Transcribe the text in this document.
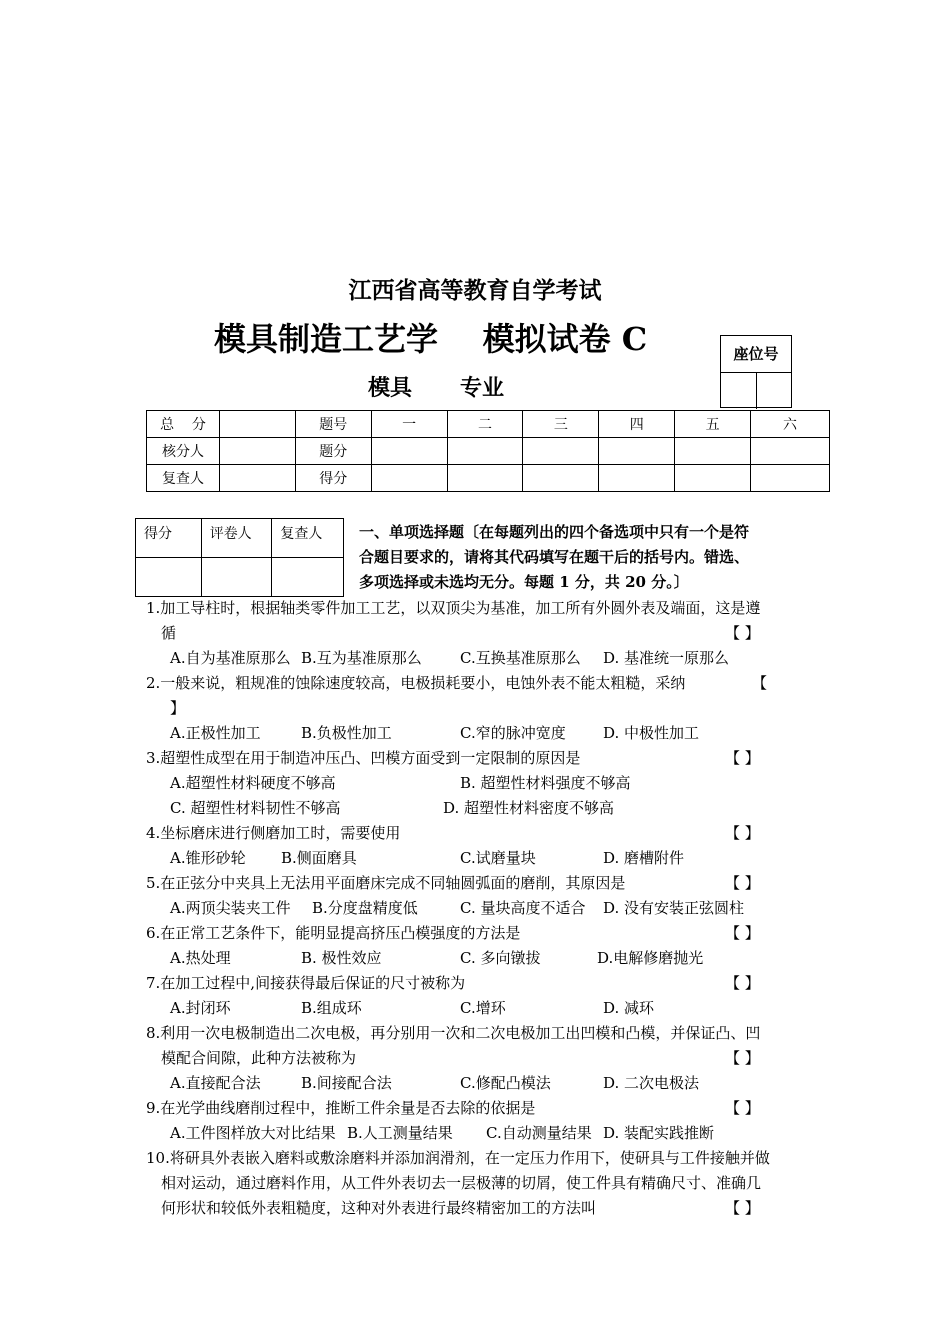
江西省高等教育自学考试
模具制造工艺学    模拟试卷 C
模具 专业
座位号
总    分		题号	一	二	三	四	五	六
核分人		题分						
复查人		得分						
得分	评卷人	复查人
		一、单项选择题〔在每题列出的四个备选项中只有一个是符
合题目要求的，请将其代码填写在题干后的括号内。错选、
多项选择或未选均无分。每题 1 分，共 20 分。〕
1.加工导柱时，根据轴类零件加工工艺，以双顶尖为基准，加工所有外圆外表及端面，这是遵
循	【 】
A.自为基准原那么 B.互为基准原那么	C.互换基准原那么 D. 基准统一原那么
2.一般来说，粗规准的蚀除速度较高，电极损耗要小，电蚀外表不能太粗糙，采纳	【
】
A.正极性加工	B.负极性加工	C.窄的脉冲宽度 D. 中极性加工
3.超塑性成型在用于制造冲压凸、凹模方面受到一定限制的原因是	【 】
A.超塑性材料硬度不够高	B. 超塑性材料强度不够高
C. 超塑性材料韧性不够高	D. 超塑性材料密度不够高
4.坐标磨床进行侧磨加工时，需要使用	【 】
A.锥形砂轮 B.侧面磨具	C.试磨量块	D. 磨槽附件
5.在正弦分中夹具上无法用平面磨床完成不同轴圆弧面的磨削，其原因是	【 】
A.两顶尖装夹工件 B.分度盘精度低	C. 量块高度不适合 D. 没有安装正弦圆柱
6.在正常工艺条件下，能明显提高挤压凸模强度的方法是	【 】
A.热处理	B. 极性效应	C. 多向镦拔	D.电解修磨抛光
7.在加工过程中,间接获得最后保证的尺寸被称为	【 】
A.封闭环	B.组成环	C.增环	D. 减环
8.利用一次电极制造出二次电极，再分别用一次和二次电极加工出凹模和凸模，并保证凸、凹
模配合间隙，此种方法被称为	【 】
A.直接配合法	B.间接配合法	C.修配凸模法	D. 二次电极法
9.在光学曲线磨削过程中，推断工件余量是否去除的依据是	【 】
A.工件图样放大对比结果 B.人工测量结果 C.自动测量结果 D. 装配实践推断
10.将研具外表嵌入磨料或敷涂磨料并添加润滑剂，在一定压力作用下，使研具与工件接触并做
相对运动，通过磨料作用，从工件外表切去一层极薄的切屑，使工件具有精确尺寸、准确几
何形状和较低外表粗糙度，这种对外表进行最终精密加工的方法叫	【 】
